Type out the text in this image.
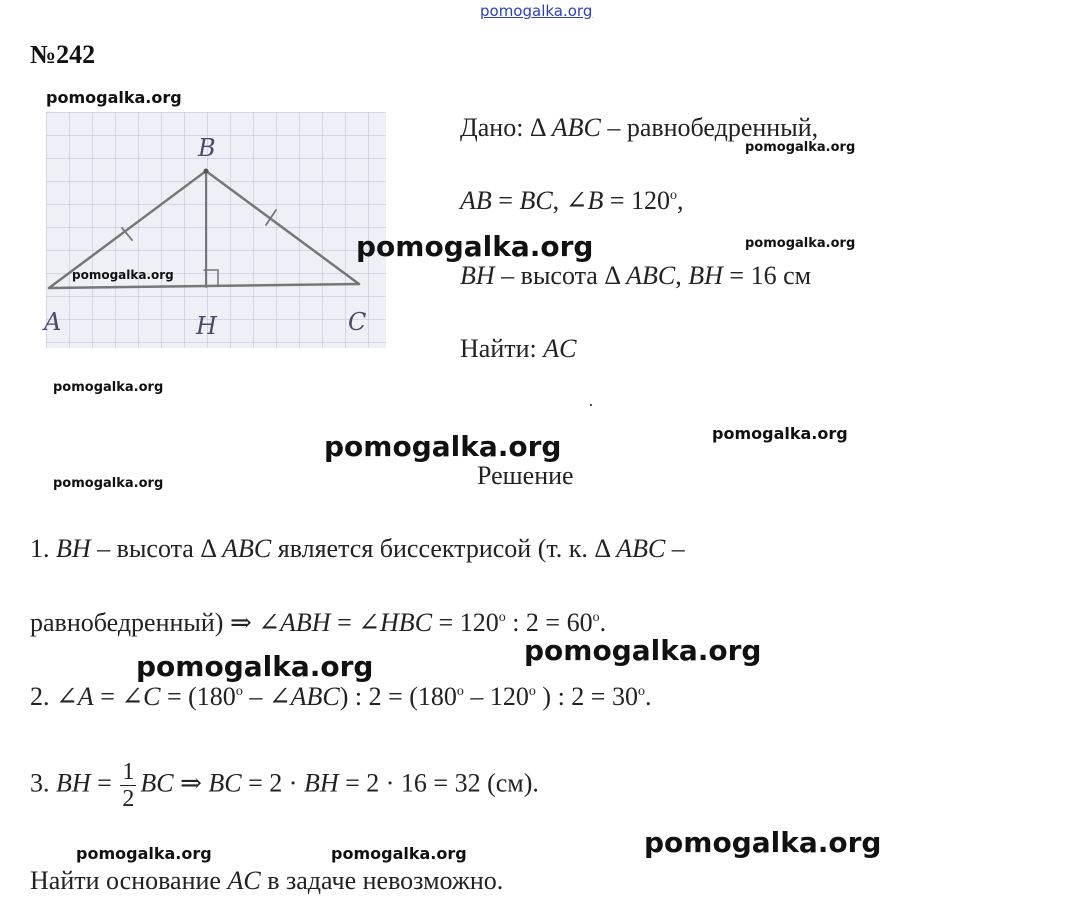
pomogalka.org
№242
B
A	H	C
Дано: Δ ABC – равнобедренный,
AB = BC, ∠B = $120^о$,
BH – высота Δ ABC, BH = 16 см
Найти: AC
Решение
1. BH – высота Δ ABC является биссектрисой (т. к. Δ ABC –
равнобедренный) ⇒ ∠ABH = ∠HBC = $120^о$ : $2 = 60^о$.
2. ∠A = ∠C = ($180^о$ – ∠ABC) : $2 = (180^о - 120^о$ ) : $2 = 30^о$.
3. BH = $\frac{1}{2}$ BC ⇒ BC = 2 · BH = 2 · 16 = 32 (см).
Найти основание AC в задаче невозможно.
pomogalka.org
pomogalka.org
pomogalka.org
pomogalka.org
pomogalka.org
pomogalka.org
pomogalka.org	pomogalka.org
pomogalka.org
pomogalka.org	pomogalka.org
pomogalka.org	pomogalka.org	pomogalka.org
